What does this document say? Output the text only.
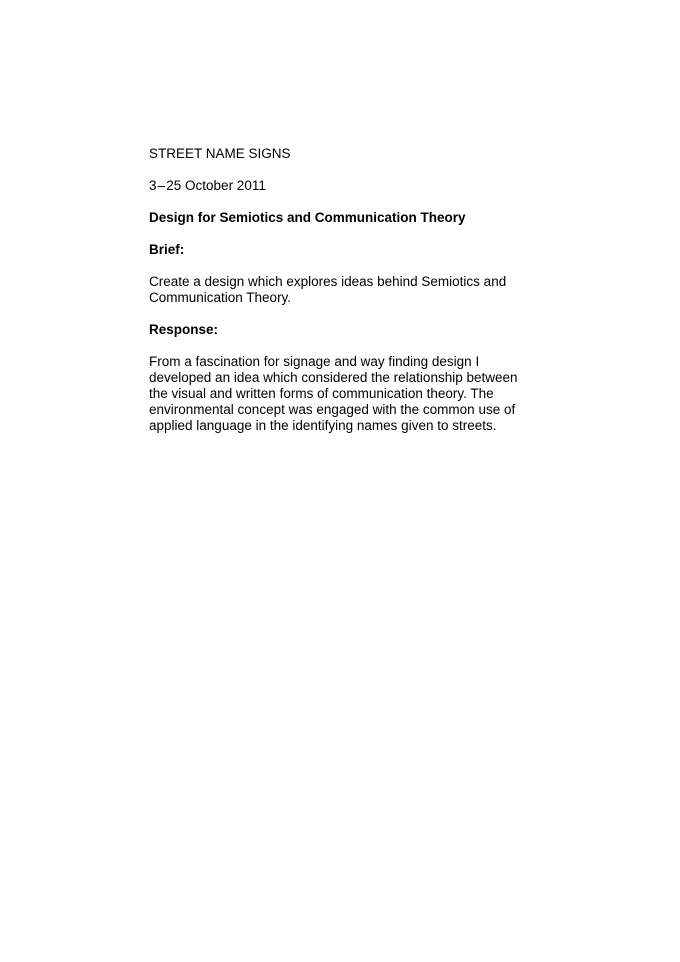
STREET NAME SIGNS

3 – 25 October 2011

Design for Semiotics and Communication Theory

Brief:

Create a design which explores ideas behind Semiotics and
Communication Theory.

Response:

From a fascination for signage and way finding design I
developed an idea which considered the relationship between
the visual and written forms of communication theory. The
environmental concept was engaged with the common use of
applied language in the identifying names given to streets.
